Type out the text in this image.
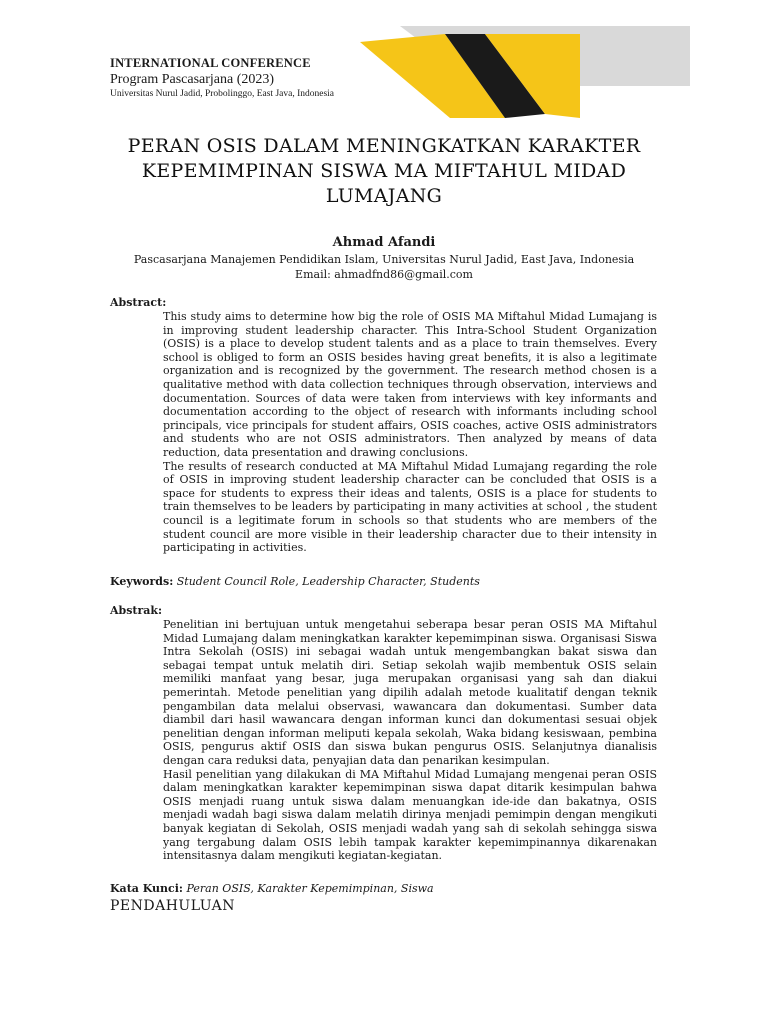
INTERNATIONAL CONFERENCE
Program Pascasarjana (2023)
Universitas Nurul Jadid, Probolinggo, East Java, Indonesia
PERAN OSIS DALAM MENINGKATKAN KARAKTER KEPEMIMPINAN SISWA MA MIFTAHUL MIDAD LUMAJANG
Ahmad Afandi
Pascasarjana Manajemen Pendidikan Islam, Universitas Nurul Jadid, East Java, Indonesia
Email: ahmadfnd86@gmail.com
Abstract:

This study aims to determine how big the role of OSIS MA Miftahul Midad Lumajang is in improving student leadership character. This Intra-School Student Organization (OSIS) is a place to develop student talents and as a place to train themselves. Every school is obliged to form an OSIS besides having great benefits, it is also a legitimate organization and is recognized by the government. The research method chosen is a qualitative method with data collection techniques through observation, interviews and documentation. Sources of data were taken from interviews with key informants and documentation according to the object of research with informants including school principals, vice principals for student affairs, OSIS coaches, active OSIS administrators and students who are not OSIS administrators. Then analyzed by means of data reduction, data presentation and drawing conclusions.

The results of research conducted at MA Miftahul Midad Lumajang regarding the role of OSIS in improving student leadership character can be concluded that OSIS is a space for students to express their ideas and talents, OSIS is a place for students to train themselves to be leaders by participating in many activities at school , the student council is a legitimate forum in schools so that students who are members of the student council are more visible in their leadership character due to their intensity in participating in activities.

Keywords: Student Council Role, Leadership Character, Students
Abstrak:

Penelitian ini bertujuan untuk mengetahui seberapa besar peran OSIS MA Miftahul Midad Lumajang dalam meningkatkan karakter kepemimpinan siswa. Organisasi Siswa Intra Sekolah (OSIS) ini sebagai wadah untuk mengembangkan bakat siswa dan sebagai tempat untuk melatih diri. Setiap sekolah wajib membentuk OSIS selain memiliki manfaat yang besar, juga merupakan organisasi yang sah dan diakui pemerintah. Metode penelitian yang dipilih adalah metode kualitatif dengan teknik pengambilan data melalui observasi, wawancara dan dokumentasi. Sumber data diambil dari hasil wawancara dengan informan kunci dan dokumentasi sesuai objek penelitian dengan informan meliputi kepala sekolah, Waka bidang kesiswaan, pembina OSIS, pengurus aktif OSIS dan siswa bukan pengurus OSIS. Selanjutnya dianalisis dengan cara reduksi data, penyajian data dan penarikan kesimpulan.

Hasil penelitian yang dilakukan di MA Miftahul Midad Lumajang mengenai peran OSIS dalam meningkatkan karakter kepemimpinan siswa dapat ditarik kesimpulan bahwa OSIS menjadi ruang untuk siswa dalam menuangkan ide-ide dan bakatnya, OSIS menjadi wadah bagi siswa dalam melatih dirinya menjadi pemimpin dengan mengikuti banyak kegiatan di Sekolah, OSIS menjadi wadah yang sah di sekolah sehingga siswa yang tergabung dalam OSIS lebih tampak karakter kepemimpinannya dikarenakan intensitasnya dalam mengikuti kegiatan-kegiatan.

Kata Kunci: Peran OSIS, Karakter Kepemimpinan, Siswa
PENDAHULUAN
